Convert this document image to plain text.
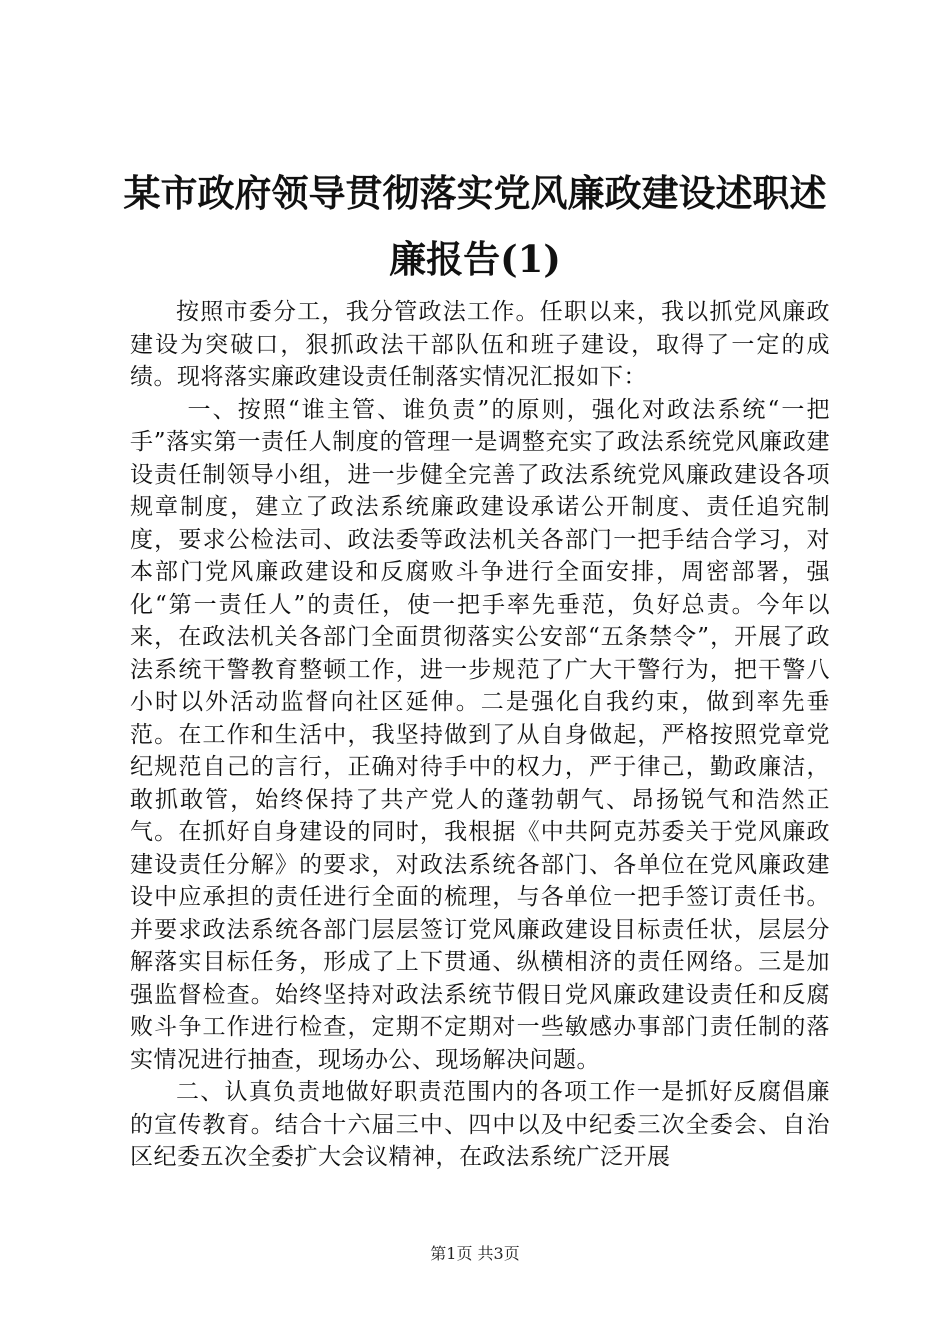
某市政府领导贯彻落实党风廉政建设述职述廉报告(1)

按照市委分工，我分管政法工作。任职以来，我以抓党风廉政建设为突破口，狠抓政法干部队伍和班子建设，取得了一定的成绩。现将落实廉政建设责任制落实情况汇报如下：

一、按照“谁主管、谁负责”的原则，强化对政法系统“一把手”落实第一责任人制度的管理一是调整充实了政法系统党风廉政建设责任制领导小组，进一步健全完善了政法系统党风廉政建设各项规章制度，建立了政法系统廉政建设承诺公开制度、责任追究制度，要求公检法司、政法委等政法机关各部门一把手结合学习，对本部门党风廉政建设和反腐败斗争进行全面安排，周密部署，强化“第一责任人”的责任，使一把手率先垂范，负好总责。今年以来，在政法机关各部门全面贯彻落实公安部“五条禁令”，开展了政法系统干警教育整顿工作，进一步规范了广大干警行为，把干警八小时以外活动监督向社区延伸。二是强化自我约束，做到率先垂范。在工作和生活中，我坚持做到了从自身做起，严格按照党章党纪规范自己的言行，正确对待手中的权力，严于律己，勤政廉洁，敢抓敢管，始终保持了共产党人的蓬勃朝气、昂扬锐气和浩然正气。在抓好自身建设的同时，我根据《中共阿克苏委关于党风廉政建设责任分解》的要求，对政法系统各部门、各单位在党风廉政建设中应承担的责任进行全面的梳理，与各单位一把手签订责任书。并要求政法系统各部门层层签订党风廉政建设目标责任状，层层分解落实目标任务，形成了上下贯通、纵横相济的责任网络。三是加强监督检查。始终坚持对政法系统节假日党风廉政建设责任和反腐败斗争工作进行检查，定期不定期对一些敏感办事部门责任制的落实情况进行抽查，现场办公、现场解决问题。

二、认真负责地做好职责范围内的各项工作一是抓好反腐倡廉的宣传教育。结合十六届三中、四中以及中纪委三次全委会、自治区纪委五次全委扩大会议精神，在政法系统广泛开展

第1页 共3页
